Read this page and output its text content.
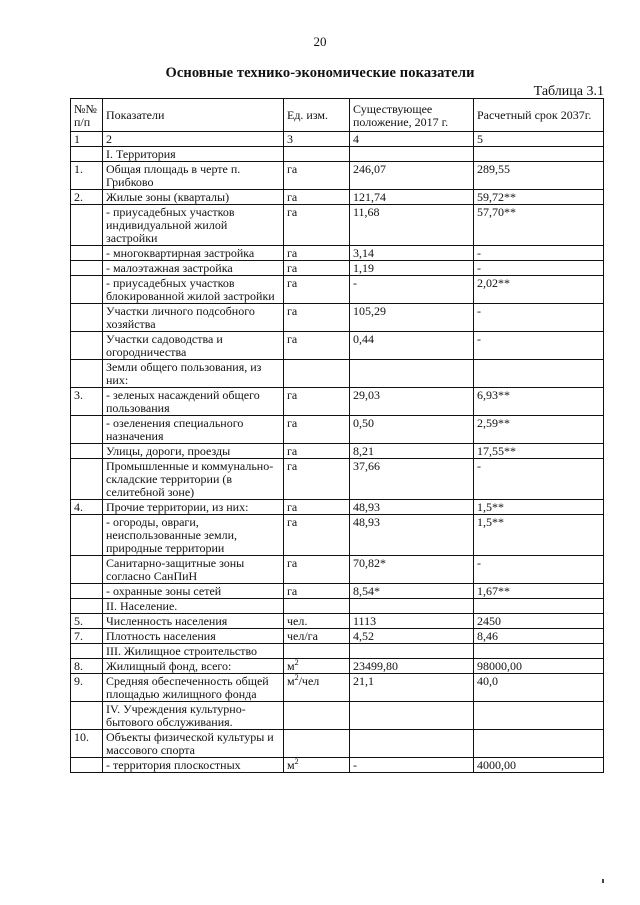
20
Основные технико-экономические показатели
Таблица 3.1
№№ п/п	Показатели	Ед. изм.	Существующее положение, 2017 г.	Расчетный срок 2037г.
1	2	3	4	5
	I. Территория			
1.	Общая площадь в черте п. Грибково	га	246,07	289,55
2.	Жилые зоны (кварталы)	га	121,74	59,72**
	- приусадебных участков индивидуальной жилой застройки	га	11,68	57,70**
	- многоквартирная застройка	га	3,14	-
	- малоэтажная застройка	га	1,19	-
	- приусадебных участков блокированной жилой застройки	га	-	2,02**
	Участки личного подсобного хозяйства	га	105,29	-
	Участки садоводства и огородничества	га	0,44	-
	Земли общего пользования, из них:			
3.	- зеленых насаждений общего пользования	га	29,03	6,93**
	- озеленения специального назначения	га	0,50	2,59**
	Улицы, дороги, проезды	га	8,21	17,55**
	Промышленные и коммунально-складские территории (в селитебной зоне)	га	37,66	-
4.	Прочие территории, из них:	га	48,93	1,5**
	- огороды, овраги, неиспользованные земли, природные территории	га	48,93	1,5**
	Санитарно-защитные зоны согласно СанПиН	га	70,82*	-
	- охранные зоны сетей	га	8,54*	1,67**
	II. Население.			
5.	Численность населения	чел.	1113	2450
7.	Плотность населения	чел/га	4,52	8,46
	III. Жилищное строительство			
8.	Жилищный фонд, всего:	$м^2$	23499,80	98000,00
9.	Средняя обеспеченность общей площадью жилищного фонда	$м^2$/чел	21,1	40,0
	IV. Учреждения культурно-бытового обслуживания.			
10.	Объекты физической культуры и массового спорта			
	- территория плоскостных	$м^2$	-	4000,00
